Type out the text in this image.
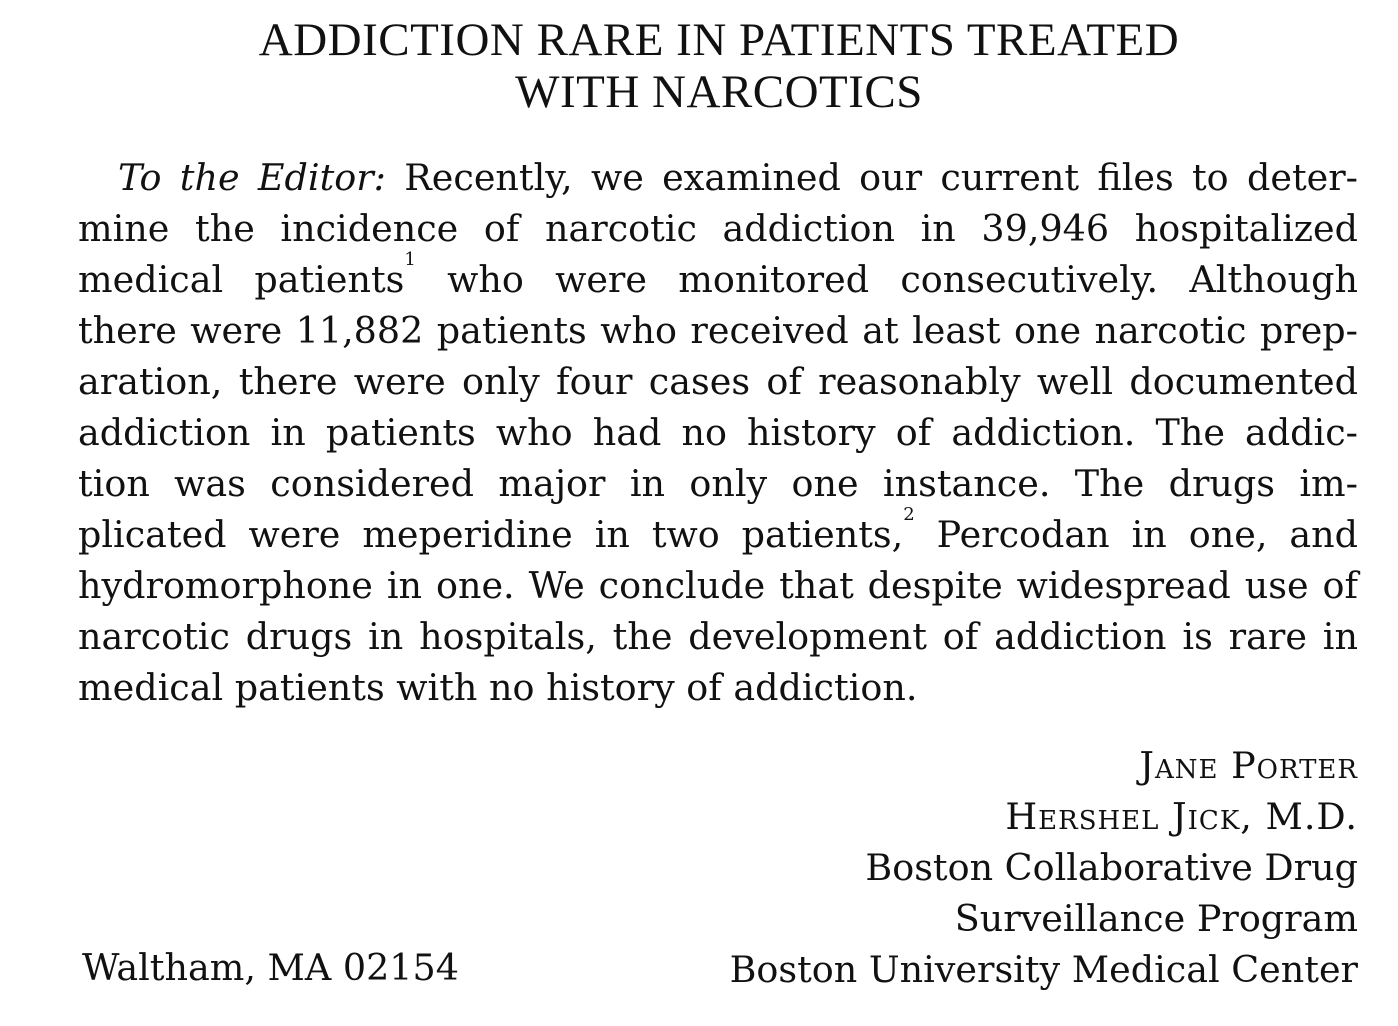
ADDICTION RARE IN PATIENTS TREATED
WITH NARCOTICS
To the Editor: Recently, we examined our current files to deter-
mine the incidence of narcotic addiction in 39,946 hospitalized
medical patients$^1$ who were monitored consecutively. Although
there were 11,882 patients who received at least one narcotic prep-
aration, there were only four cases of reasonably well documented
addiction in patients who had no history of addiction. The addic-
tion was considered major in only one instance. The drugs im-
plicated were meperidine in two patients,$^2$ Percodan in one, and
hydromorphone in one. We conclude that despite widespread use of
narcotic drugs in hospitals, the development of addiction is rare in
medical patients with no history of addiction.
Jane Porter
Hershel Jick, M.D.
Boston Collaborative Drug
Surveillance Program
Boston University Medical Center
Waltham, MA 02154
